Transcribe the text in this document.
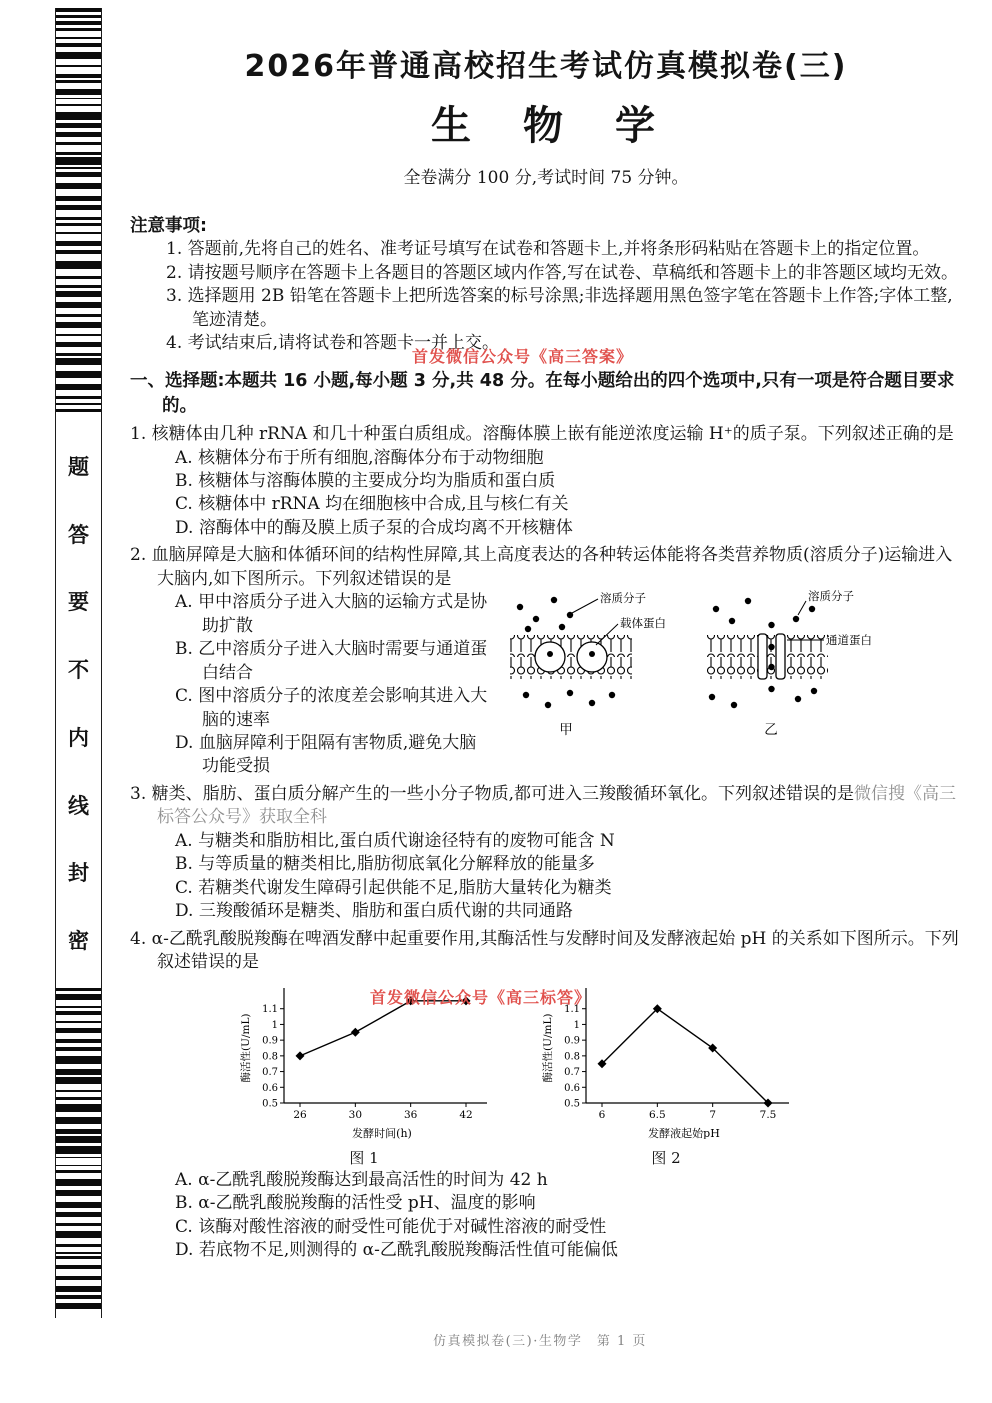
题
答
要
不
内
线
封
密
首发微信公众号《高三答案》
2026年普通高校招生考试仿真模拟卷(三)
生　物　学

全卷满分 100 分,考试时间 75 分钟。

注意事项:

1. 答题前,先将自己的姓名、准考证号填写在试卷和答题卡上,并将条形码粘贴在答题卡上的指定位置。

2. 请按题号顺序在答题卡上各题目的答题区域内作答,写在试卷、草稿纸和答题卡上的非答题区域均无效。

3. 选择题用 2B 铅笔在答题卡上把所选答案的标号涂黑;非选择题用黑色签字笔在答题卡上作答;字体工整,笔迹清楚。

4. 考试结束后,请将试卷和答题卡一并上交。

一、选择题:本题共 16 小题,每小题 3 分,共 48 分。在每小题给出的四个选项中,只有一项是符合题目要求的。

1. 核糖体由几种 rRNA 和几十种蛋白质组成。溶酶体膜上嵌有能逆浓度运输 H⁺的质子泵。下列叙述正确的是

A. 核糖体分布于所有细胞,溶酶体分布于动物细胞

B. 核糖体与溶酶体膜的主要成分均为脂质和蛋白质

C. 核糖体中 rRNA 均在细胞核中合成,且与核仁有关

D. 溶酶体中的酶及膜上质子泵的合成均离不开核糖体

2. 血脑屏障是大脑和体循环间的结构性屏障,其上高度表达的各种转运体能将各类营养物质(溶质分子)运输进入大脑内,如下图所示。下列叙述错误的是

A. 甲中溶质分子进入大脑的运输方式是协助扩散

B. 乙中溶质分子进入大脑时需要与通道蛋白结合

C. 图中溶质分子的浓度差会影响其进入大脑的速率

D. 血脑屏障利于阻隔有害物质,避免大脑功能受损

溶质分子
载体蛋白
甲
溶质分子
通道蛋白
乙

3. 糖类、脂肪、蛋白质分解产生的一些小分子物质,都可进入三羧酸循环氧化。下列叙述错误的是微信搜《高三标答公众号》获取全科

A. 与糖类和脂肪相比,蛋白质代谢途径特有的废物可能含 N

B. 与等质量的糖类相比,脂肪彻底氧化分解释放的能量多

C. 若糖类代谢发生障碍引起供能不足,脂肪大量转化为糖类

D. 三羧酸循环是糖类、脂肪和蛋白质代谢的共同通路

4. α-乙酰乳酸脱羧酶在啤酒发酵中起重要作用,其酶活性与发酵时间及发酵液起始 pH 的关系如下图所示。下列叙述错误的是

首发微信公众号《高三标答》
0.5
0.6
0.7
0.8
0.9
1
1.1
26	30	36	42
酶活性(U/mL)
发酵时间(h)
图 1
0.5
0.6
0.7
0.8
0.9
1
1.1
6	6.5	7	7.5
酶活性(U/mL)
发酵液起始pH
图 2

A. α-乙酰乳酸脱羧酶达到最高活性的时间为 42 h

B. α-乙酰乳酸脱羧酶的活性受 pH、温度的影响

C. 该酶对酸性溶液的耐受性可能优于对碱性溶液的耐受性

D. 若底物不足,则测得的 α-乙酰乳酸脱羧酶活性值可能偏低

仿真模拟卷(三)·生物学　第 1 页
